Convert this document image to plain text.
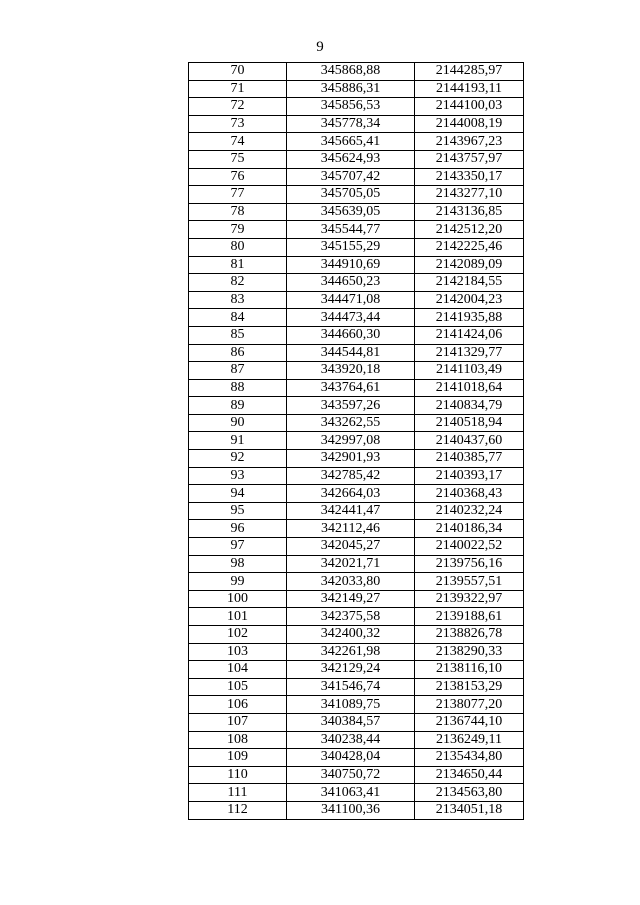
9
70	345868,88	2144285,97
71	345886,31	2144193,11
72	345856,53	2144100,03
73	345778,34	2144008,19
74	345665,41	2143967,23
75	345624,93	2143757,97
76	345707,42	2143350,17
77	345705,05	2143277,10
78	345639,05	2143136,85
79	345544,77	2142512,20
80	345155,29	2142225,46
81	344910,69	2142089,09
82	344650,23	2142184,55
83	344471,08	2142004,23
84	344473,44	2141935,88
85	344660,30	2141424,06
86	344544,81	2141329,77
87	343920,18	2141103,49
88	343764,61	2141018,64
89	343597,26	2140834,79
90	343262,55	2140518,94
91	342997,08	2140437,60
92	342901,93	2140385,77
93	342785,42	2140393,17
94	342664,03	2140368,43
95	342441,47	2140232,24
96	342112,46	2140186,34
97	342045,27	2140022,52
98	342021,71	2139756,16
99	342033,80	2139557,51
100	342149,27	2139322,97
101	342375,58	2139188,61
102	342400,32	2138826,78
103	342261,98	2138290,33
104	342129,24	2138116,10
105	341546,74	2138153,29
106	341089,75	2138077,20
107	340384,57	2136744,10
108	340238,44	2136249,11
109	340428,04	2135434,80
110	340750,72	2134650,44
111	341063,41	2134563,80
112	341100,36	2134051,18
